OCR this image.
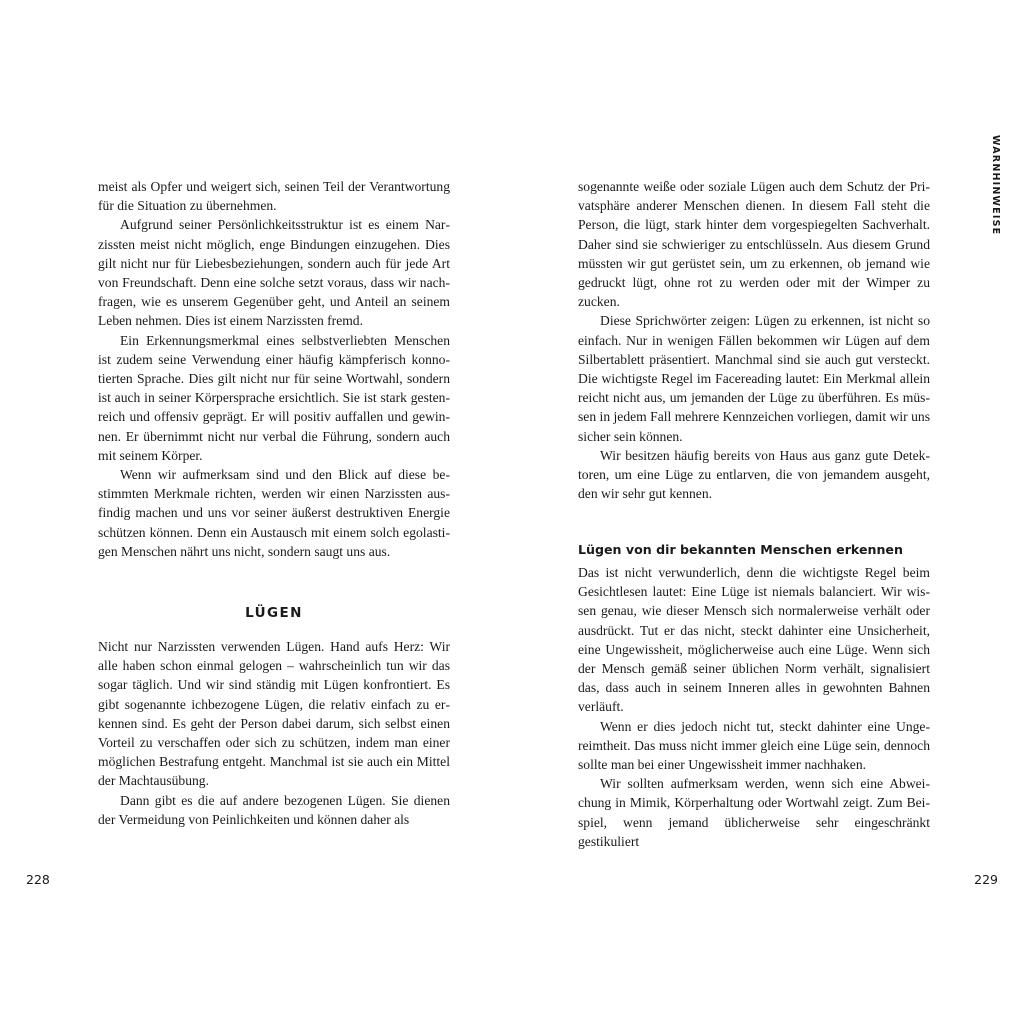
meist als Opfer und weigert sich, seinen Teil der Verantwortung für die Situation zu übernehmen.

Aufgrund seiner Persönlichkeitsstruktur ist es einem Narzissten meist nicht möglich, enge Bindungen einzugehen. Dies gilt nicht nur für Liebesbeziehungen, sondern auch für jede Art von Freundschaft. Denn eine solche setzt voraus, dass wir nachfragen, wie es unserem Gegenüber geht, und Anteil an seinem Leben nehmen. Dies ist einem Narzissten fremd.

Ein Erkennungsmerkmal eines selbstverliebten Menschen ist zudem seine Verwendung einer häufig kämpferisch konnotierten Sprache. Dies gilt nicht nur für seine Wortwahl, sondern ist auch in seiner Körpersprache ersichtlich. Sie ist stark gestenreich und offensiv geprägt. Er will positiv auffallen und gewinnen. Er übernimmt nicht nur verbal die Führung, sondern auch mit seinem Körper.

Wenn wir aufmerksam sind und den Blick auf diese bestimmten Merkmale richten, werden wir einen Narzissten ausfindig machen und uns vor seiner äußerst destruktiven Energie schützen können. Denn ein Austausch mit einem solch egolastigen Menschen nährt uns nicht, sondern saugt uns aus.

LÜGEN

Nicht nur Narzissten verwenden Lügen. Hand aufs Herz: Wir alle haben schon einmal gelogen – wahrscheinlich tun wir das sogar täglich. Und wir sind ständig mit Lügen konfrontiert. Es gibt sogenannte ichbezogene Lügen, die relativ einfach zu erkennen sind. Es geht der Person dabei darum, sich selbst einen Vorteil zu verschaffen oder sich zu schützen, indem man einer möglichen Bestrafung entgeht. Manchmal ist sie auch ein Mittel der Machtausübung.

Dann gibt es die auf andere bezogenen Lügen. Sie dienen der Vermeidung von Peinlichkeiten und können daher als

228
WARNHINWEISE

sogenannte weiße oder soziale Lügen auch dem Schutz der Privatsphäre anderer Menschen dienen. In diesem Fall steht die Person, die lügt, stark hinter dem vorgespiegelten Sachverhalt. Daher sind sie schwieriger zu entschlüsseln. Aus diesem Grund müssten wir gut gerüstet sein, um zu erkennen, ob jemand wie gedruckt lügt, ohne rot zu werden oder mit der Wimper zu zucken.

Diese Sprichwörter zeigen: Lügen zu erkennen, ist nicht so einfach. Nur in wenigen Fällen bekommen wir Lügen auf dem Silbertablett präsentiert. Manchmal sind sie auch gut versteckt. Die wichtigste Regel im Facereading lautet: Ein Merkmal allein reicht nicht aus, um jemanden der Lüge zu überführen. Es müssen in jedem Fall mehrere Kennzeichen vorliegen, damit wir uns sicher sein können.

Wir besitzen häufig bereits von Haus aus ganz gute Detektoren, um eine Lüge zu entlarven, die von jemandem ausgeht, den wir sehr gut kennen.

Lügen von dir bekannten Menschen erkennen

Das ist nicht verwunderlich, denn die wichtigste Regel beim Gesichtlesen lautet: Eine Lüge ist niemals balanciert. Wir wissen genau, wie dieser Mensch sich normalerweise verhält oder ausdrückt. Tut er das nicht, steckt dahinter eine Unsicherheit, eine Ungewissheit, möglicherweise auch eine Lüge. Wenn sich der Mensch gemäß seiner üblichen Norm verhält, signalisiert das, dass auch in seinem Inneren alles in gewohnten Bahnen verläuft.

Wenn er dies jedoch nicht tut, steckt dahinter eine Ungereimtheit. Das muss nicht immer gleich eine Lüge sein, dennoch sollte man bei einer Ungewissheit immer nachhaken.

Wir sollten aufmerksam werden, wenn sich eine Abweichung in Mimik, Körperhaltung oder Wortwahl zeigt. Zum Beispiel, wenn jemand üblicherweise sehr eingeschränkt gestikuliert

229
